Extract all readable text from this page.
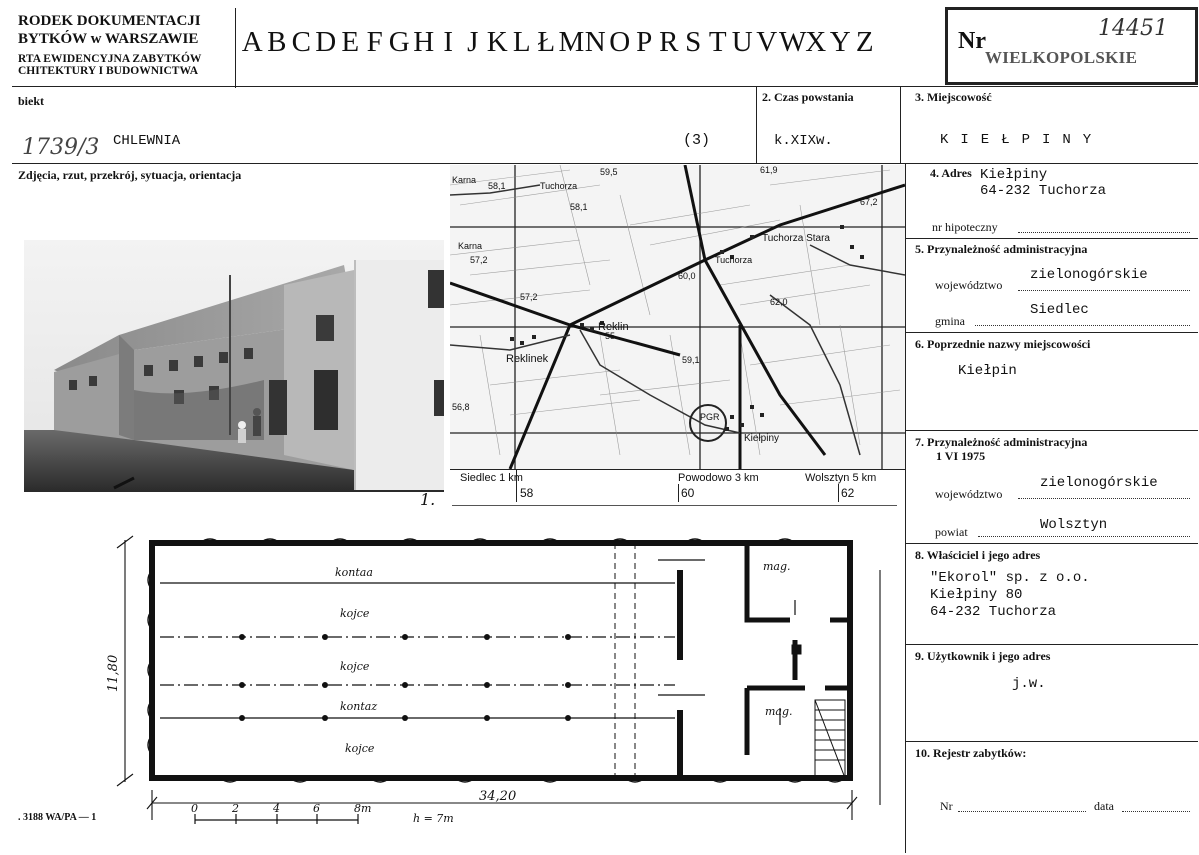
RODEK DOKUMENTACJI
BYTKÓW w WARSZAWIE
RTA EWIDENCYJNA ZABYTKÓW
CHITEKTURY I BUDOWNICTWA
A B C D E F G H I J K L Ł M N O P R S T U V W
X Y Z	Nr	14451
WIELKOPOLSKIE
biekt
1739/3 CHLEWNIA	(3)
2. Czas powstania
k.XIXw.
3. Miejscowość
KIEŁPINY
Zdjęcia, rzut, przekrój, sytuacja, orientacja
1.
Karna
58,1	Tuchorza
59,5	61,9
Tuchorza Stara
Tuchorza
60,0
57,2
Reklin
Reklinek
55
59,1
62,0
PGR
Kiełpiny
56,8
Karna
57,2
58,1	67,2
Siedlec 1 km	Powodowo 3 km	Wolsztyn 5 km
58	60	62
kontaa
kojce
kojce
kontaz
kojce
mag.
mag.
11,80
34,20
0	2	4	6	8m
h = 7m
. 3188 WA/PA — 1
4. Adres Kiełpiny
64-232 Tuchorza
nr hipoteczny
5. Przynależność administracyjna
województwo
zielonogórskie
gmina
Siedlec
6. Poprzednie nazwy miejscowości
Kiełpin
7. Przynależność administracyjna
1 VI 1975
województwo
zielonogórskie
powiat	Wolsztyn
8. Właściciel i jego adres
"Ekorol" sp. z o.o.
Kiełpiny 80
64-232 Tuchorza
9. Użytkownik i jego adres
j.w.
10. Rejestr zabytków:
Nr	data
